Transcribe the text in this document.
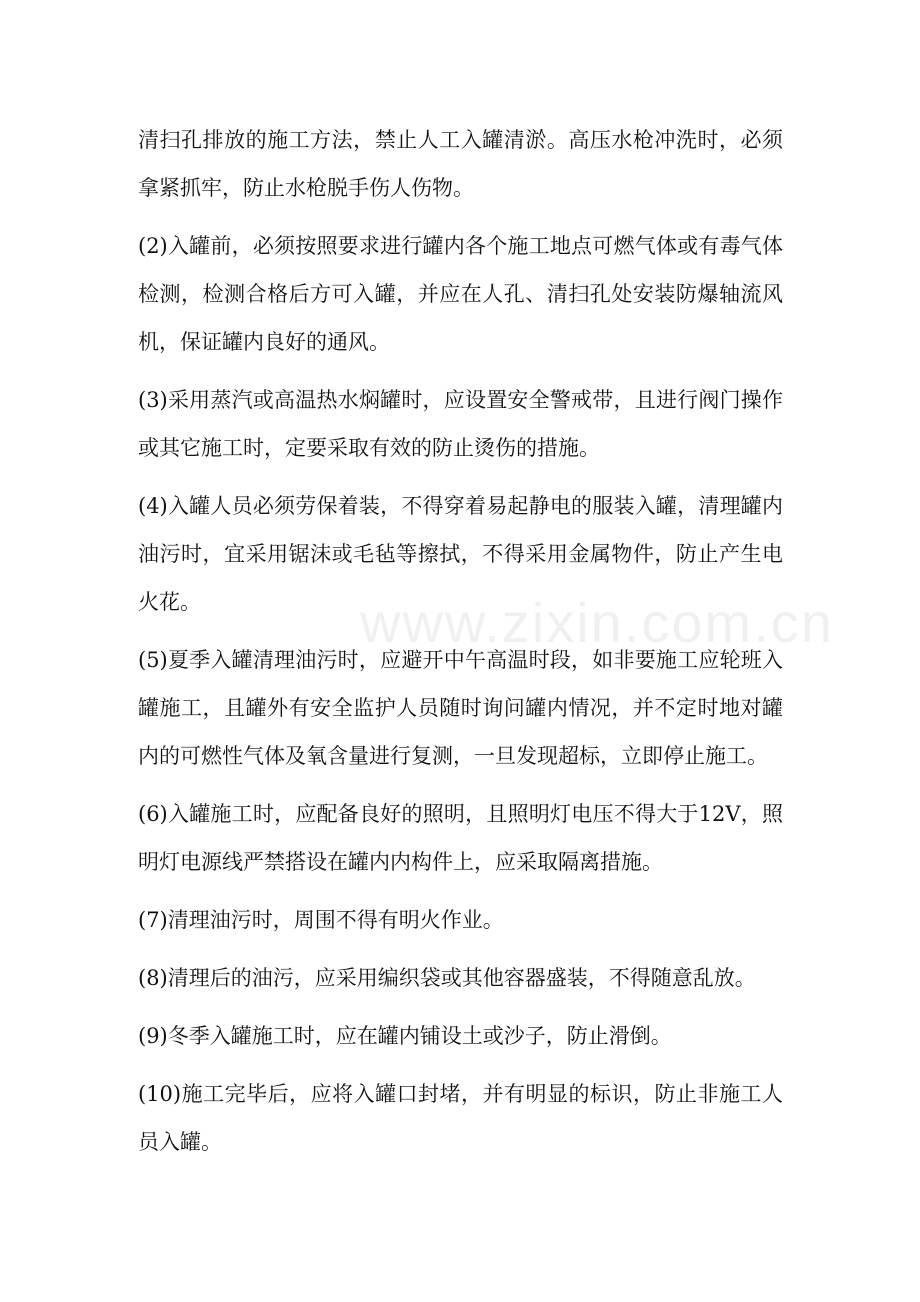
清扫孔排放的施工方法，禁止人工入罐清淤。高压水枪冲洗时，必须拿紧抓牢，防止水枪脱手伤人伤物。

(2)入罐前，必须按照要求进行罐内各个施工地点可燃气体或有毒气体检测，检测合格后方可入罐，并应在人孔、清扫孔处安装防爆轴流风机，保证罐内良好的通风。

(3)采用蒸汽或高温热水焖罐时，应设置安全警戒带，且进行阀门操作或其它施工时，定要采取有效的防止烫伤的措施。

(4)入罐人员必须劳保着装，不得穿着易起静电的服装入罐，清理罐内油污时，宜采用锯沫或毛毡等擦拭，不得采用金属物件，防止产生电火花。

(5)夏季入罐清理油污时，应避开中午高温时段，如非要施工应轮班入罐施工，且罐外有安全监护人员随时询问罐内情况，并不定时地对罐内的可燃性气体及氧含量进行复测，一旦发现超标，立即停止施工。

(6)入罐施工时，应配备良好的照明，且照明灯电压不得大于12V，照明灯电源线严禁搭设在罐内内构件上，应采取隔离措施。

(7)清理油污时，周围不得有明火作业。

(8)清理后的油污，应采用编织袋或其他容器盛装，不得随意乱放。

(9)冬季入罐施工时，应在罐内铺设土或沙子，防止滑倒。

(10)施工完毕后，应将入罐口封堵，并有明显的标识，防止非施工人员入罐。

www.zixin.com.cn
